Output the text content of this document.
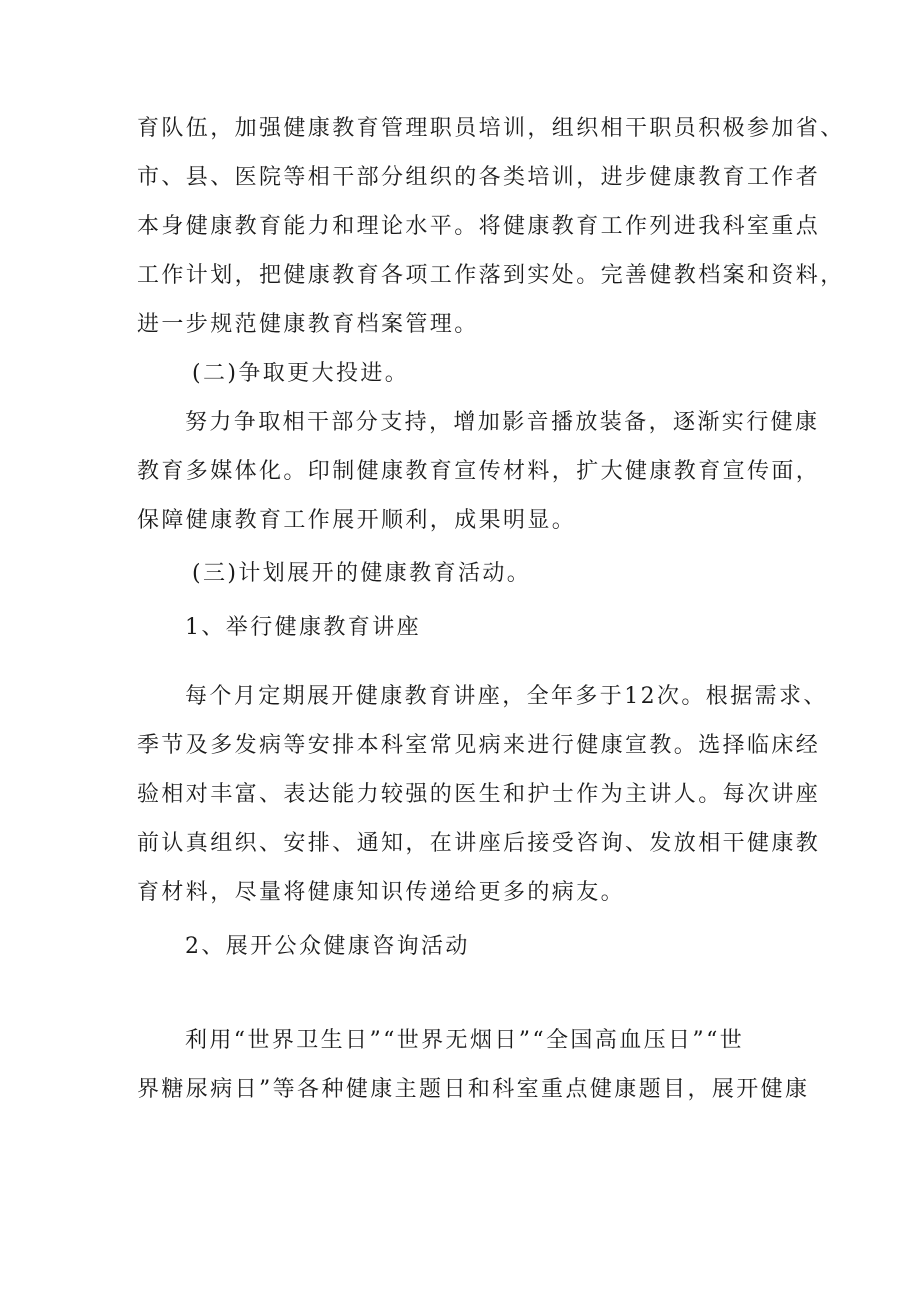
育队伍，加强健康教育管理职员培训，组织相干职员积极参加省、
市、县、医院等相干部分组织的各类培训，进步健康教育工作者
本身健康教育能力和理论水平。将健康教育工作列进我科室重点
工作计划，把健康教育各项工作落到实处。完善健教档案和资料，
进一步规范健康教育档案管理。
(二)争取更大投进。
努力争取相干部分支持，增加影音播放装备，逐渐实行健康
教育多媒体化。印制健康教育宣传材料，扩大健康教育宣传面，
保障健康教育工作展开顺利，成果明显。
(三)计划展开的健康教育活动。
1、举行健康教育讲座
每个月定期展开健康教育讲座，全年多于12次。根据需求、
季节及多发病等安排本科室常见病来进行健康宣教。选择临床经
验相对丰富、表达能力较强的医生和护士作为主讲人。每次讲座
前认真组织、安排、通知，在讲座后接受咨询、发放相干健康教
育材料，尽量将健康知识传递给更多的病友。
2、展开公众健康咨询活动
利用“世界卫生日”“世界无烟日”“全国高血压日”“世
界糖尿病日”等各种健康主题日和科室重点健康题目，展开健康
